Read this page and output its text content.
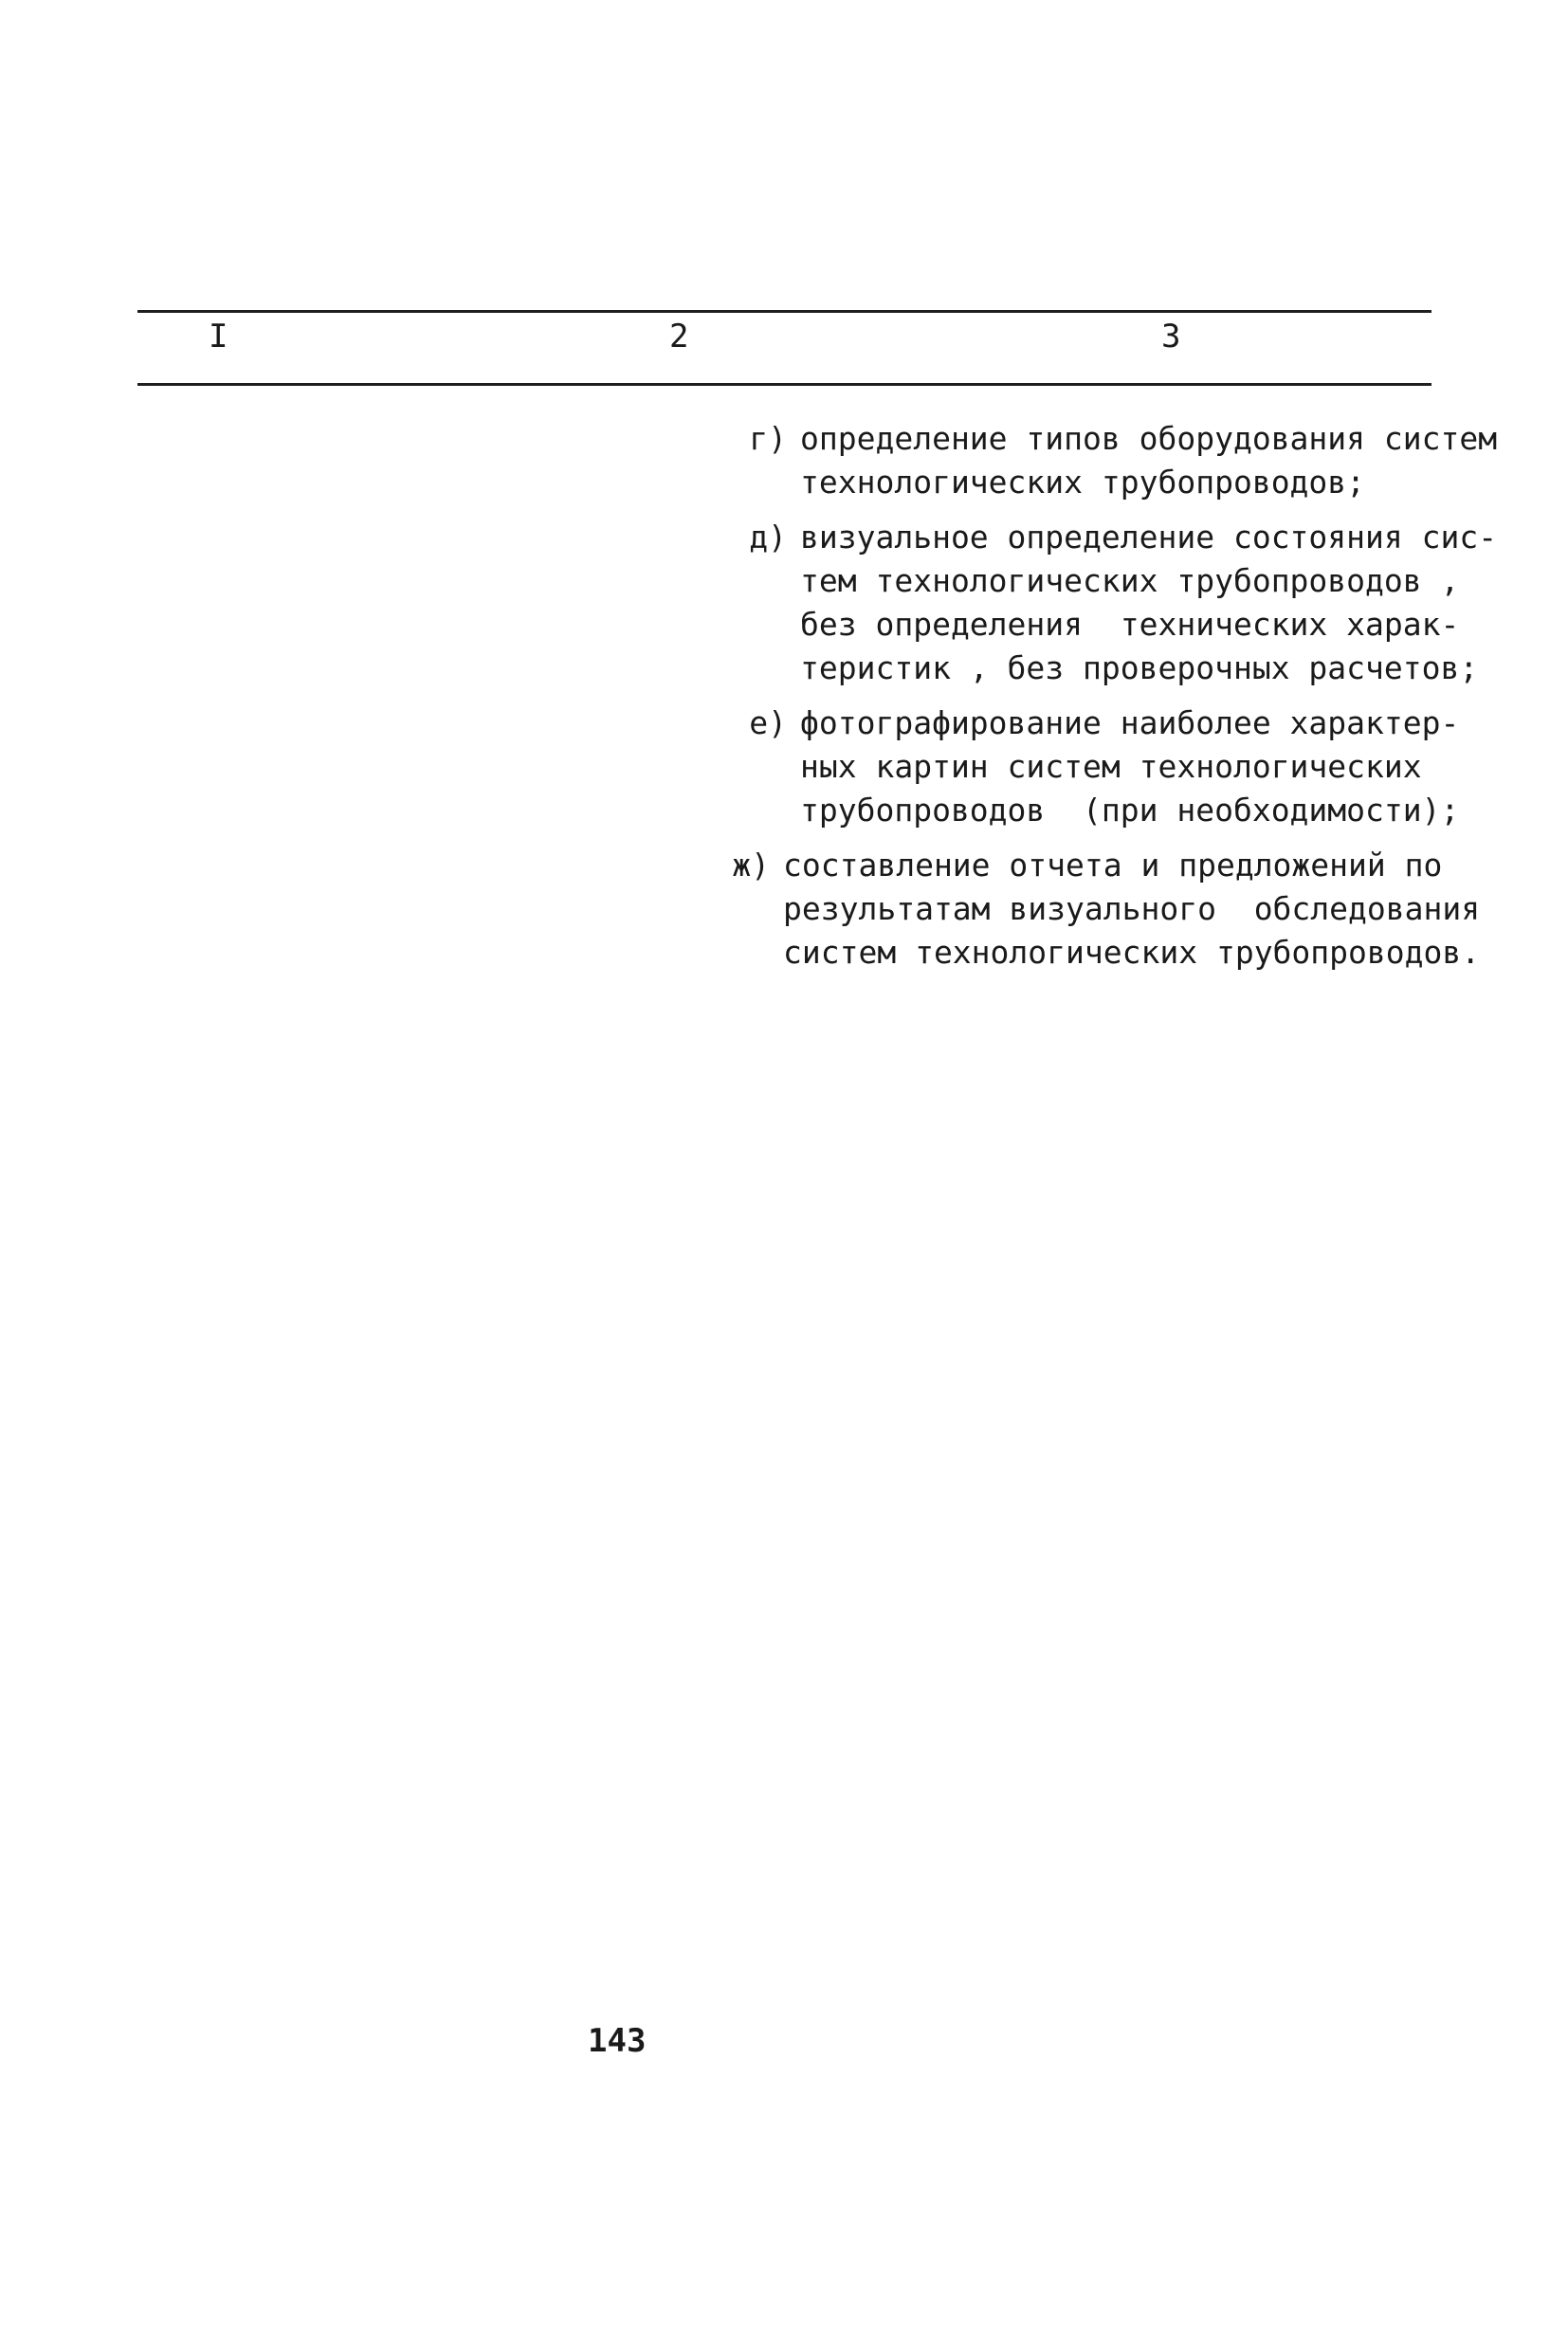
I	2	3
г) определение типов оборудования систем
технологических трубопроводов;
д) визуальное определение состояния сис-
тем технологических трубопроводов ,
без определения  технических харак-
теристик , без проверочных расчетов;
е) фотографирование наиболее характер-
ных картин систем технологических
трубопроводов  (при необходимости);
ж) составление отчета и предложений по
результатам визуального  обследования
систем технологических трубопроводов.
143
